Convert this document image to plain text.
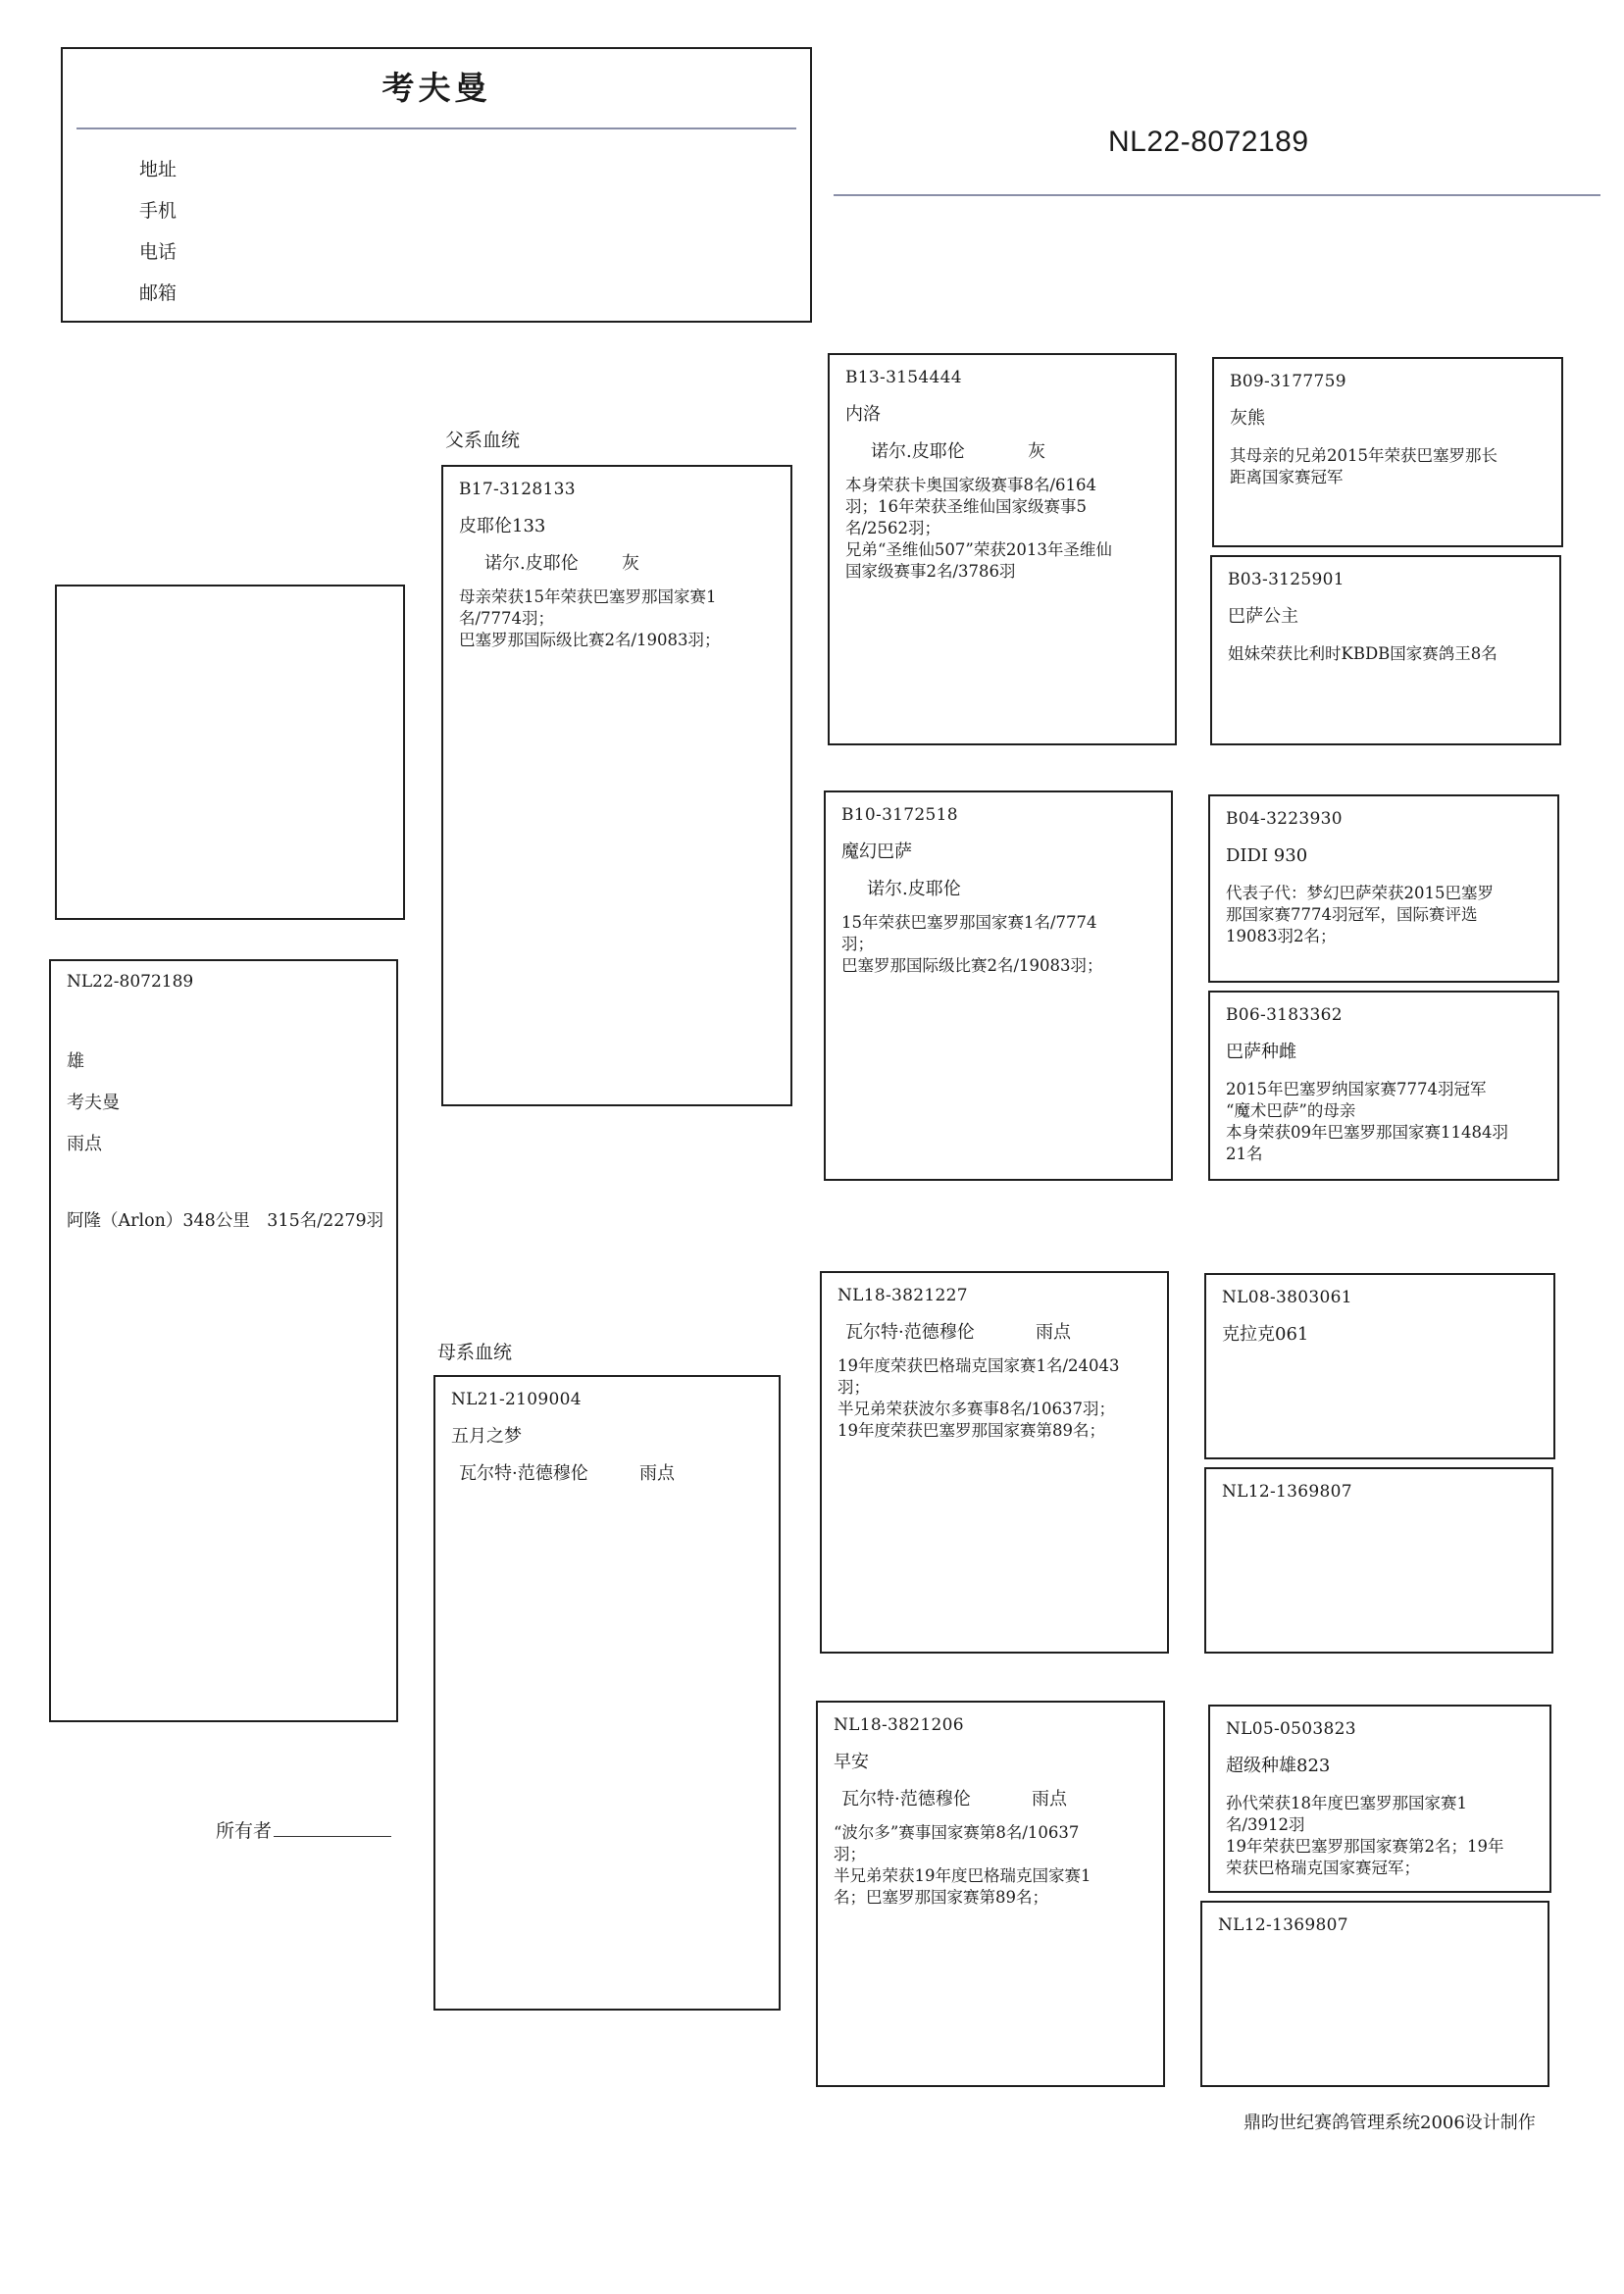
考夫曼
地址
手机
电话
邮箱
NL22-8072189
NL22-8072189
雄
考夫曼
雨点
阿隆（Arlon）348公里　315名/2279羽
父系血统
母系血统
所有者
B17-3128133
皮耶伦133
诺尔.皮耶伦 灰
母亲荣获15年荣获巴塞罗那国家赛1
名/7774羽；
巴塞罗那国际级比赛2名/19083羽；
NL21-2109004
五月之梦
瓦尔特·范德穆伦	雨点
B13-3154444
内洛
诺尔.皮耶伦	灰
本身荣获卡奥国家级赛事8名/6164
羽；16年荣获圣维仙国家级赛事5
名/2562羽；
兄弟“圣维仙507”荣获2013年圣维仙
国家级赛事2名/3786羽
B10-3172518
魔幻巴萨
诺尔.皮耶伦
15年荣获巴塞罗那国家赛1名/7774
羽；
巴塞罗那国际级比赛2名/19083羽；
NL18-3821227
瓦尔特·范德穆伦	雨点
19年度荣获巴格瑞克国家赛1名/24043
羽；
半兄弟荣获波尔多赛事8名/10637羽；
19年度荣获巴塞罗那国家赛第89名；
NL18-3821206
早安
瓦尔特·范德穆伦	雨点
“波尔多”赛事国家赛第8名/10637
羽；
半兄弟荣获19年度巴格瑞克国家赛1
名；巴塞罗那国家赛第89名；
B09-3177759
灰熊
其母亲的兄弟2015年荣获巴塞罗那长
距离国家赛冠军
B03-3125901
巴萨公主
姐妹荣获比利时KBDB国家赛鸽王8名
B04-3223930
DIDI 930
代表子代：梦幻巴萨荣获2015巴塞罗
那国家赛7774羽冠军，国际赛评选
19083羽2名；
B06-3183362
巴萨种雌
2015年巴塞罗纳国家赛7774羽冠军
“魔术巴萨”的母亲
本身荣获09年巴塞罗那国家赛11484羽
21名
NL08-3803061
克拉克061
NL12-1369807
NL05-0503823
超级种雄823
孙代荣获18年度巴塞罗那国家赛1
名/3912羽
19年荣获巴塞罗那国家赛第2名；19年
荣获巴格瑞克国家赛冠军；
NL12-1369807
鼎昀世纪赛鸽管理系统2006设计制作
